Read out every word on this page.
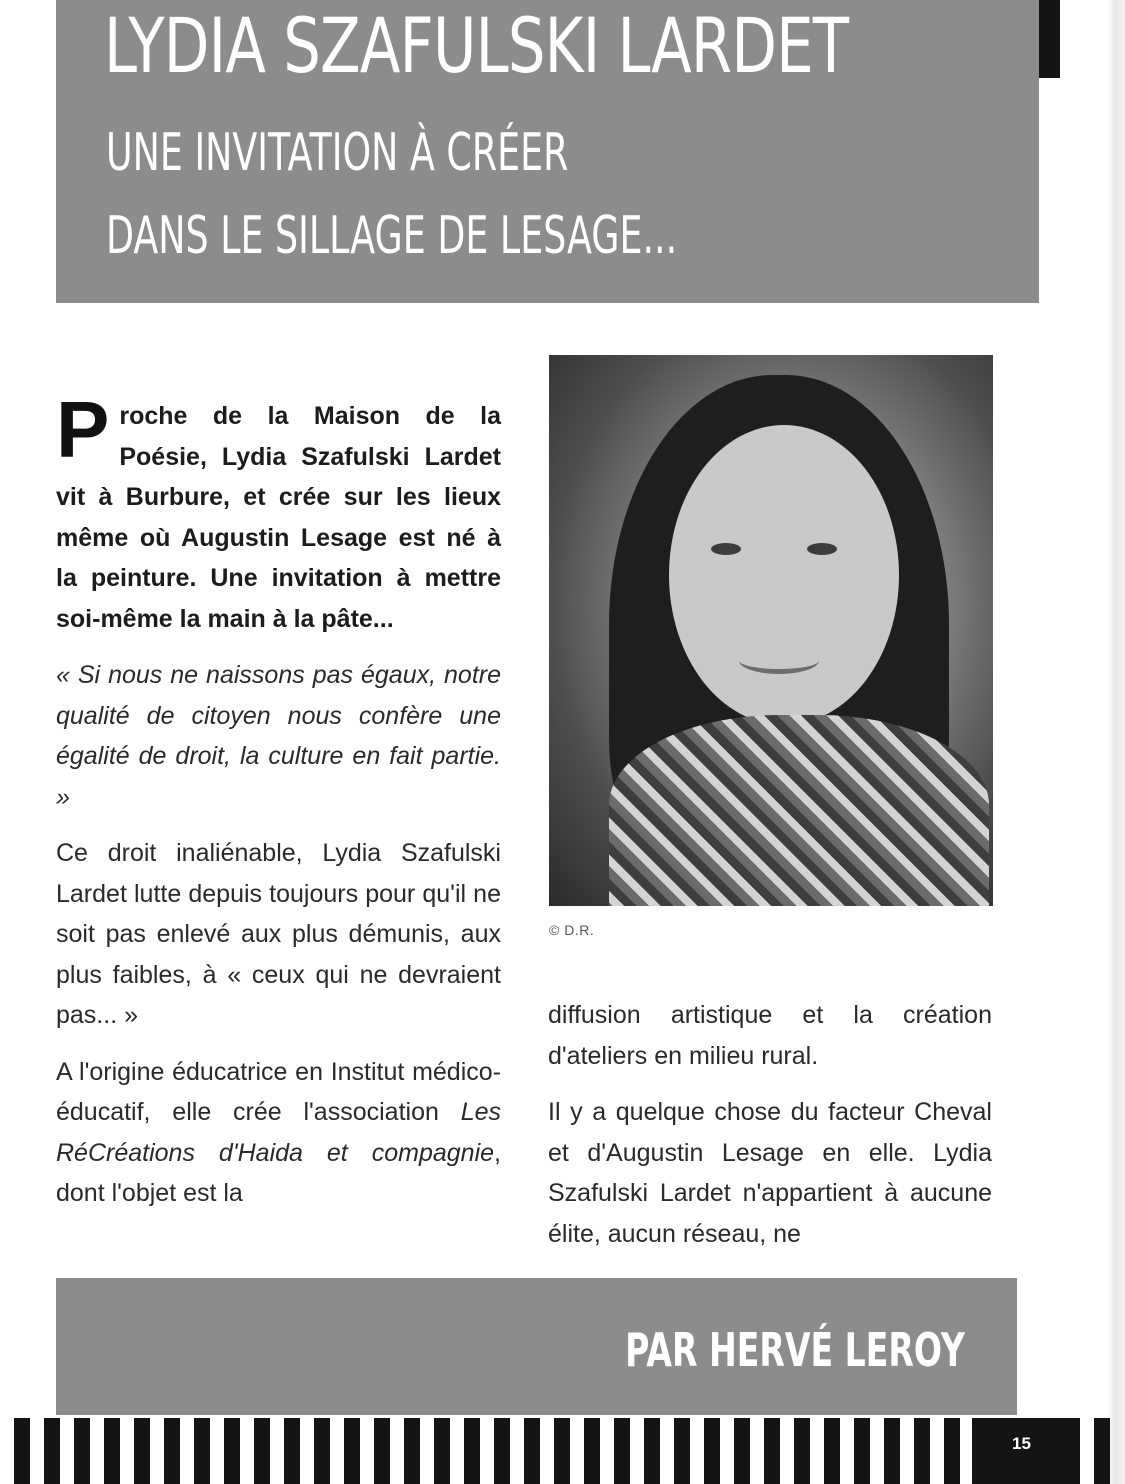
LYDIA SZAFULSKI LARDET
UNE INVITATION À CRÉER
DANS LE SILLAGE DE LESAGE...

Proche de la Maison de la Poésie, Lydia Szafulski Lardet vit à Burbure, et crée sur les lieux même où Augustin Lesage est né à la peinture. Une invitation à mettre soi-même la main à la pâte...

« Si nous ne naissons pas égaux, notre qualité de citoyen nous confère une égalité de droit, la culture en fait partie. »

Ce droit inaliénable, Lydia Szafulski Lardet lutte depuis toujours pour qu'il ne soit pas enlevé aux plus démunis, aux plus faibles, à « ceux qui ne devraient pas... »

A l'origine éducatrice en Institut médico-éducatif, elle crée l'association Les RéCréations d'Haida et compagnie, dont l'objet est la

© D.R.

diffusion artistique et la création d'ateliers en milieu rural.

Il y a quelque chose du facteur Cheval et d'Augustin Lesage en elle. Lydia Szafulski Lardet n'appartient à aucune élite, aucun réseau, ne

PAR HERVÉ LEROY
15
